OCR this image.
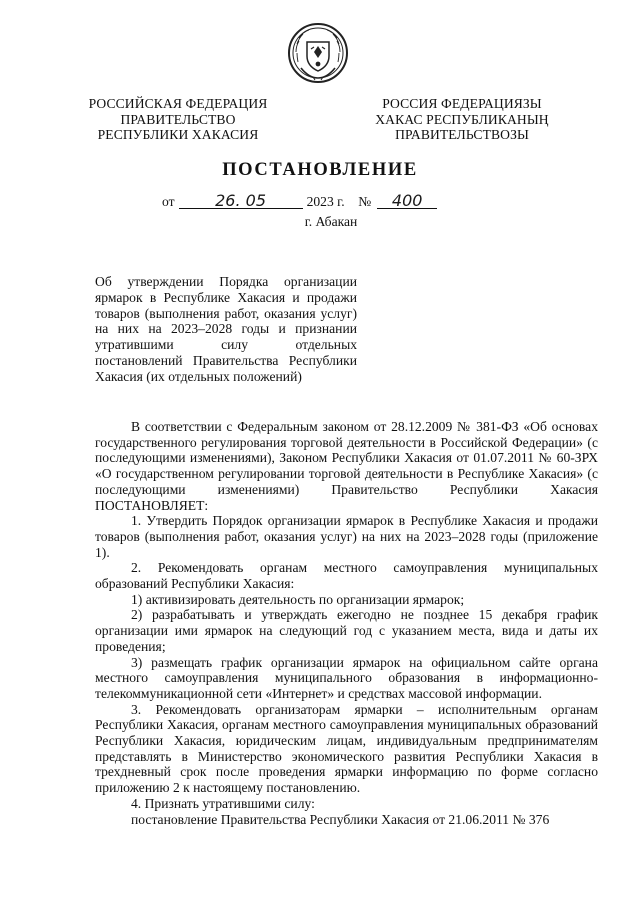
РОССИЙСКАЯ ФЕДЕРАЦИЯ
ПРАВИТЕЛЬСТВО
РЕСПУБЛИКИ ХАКАСИЯ
РОССИЯ ФЕДЕРАЦИЯЗЫ
ХАКАС РЕСПУБЛИКАНЫҢ
ПРАВИТЕЛЬСТВОЗЫ
ПОСТАНОВЛЕНИЕ
от	26. 05	2023 г. № 400
г. Абакан
Об утверждении Порядка организации ярмарок в Республике Хакасия и продажи товаров (выполнения работ, оказания услуг) на них на 2023–2028 годы и признании утратившими силу отдельных постановлений Правительства Республики Хакасия (их отдельных положений)

В соответствии с Федеральным законом от 28.12.2009 № 381-ФЗ «Об основах государственного регулирования торговой деятельности в Российской Федерации» (с последующими изменениями), Законом Республики Хакасия от 01.07.2011 № 60-ЗРХ «О государственном регулировании торговой деятельности в Республике Хакасия» (с последующими изменениями) Правительство Республики Хакасия ПОСТАНОВЛЯЕТ:

1. Утвердить Порядок организации ярмарок в Республике Хакасия и продажи товаров (выполнения работ, оказания услуг) на них на 2023–2028 годы (приложение 1).

2. Рекомендовать органам местного самоуправления муниципальных образований Республики Хакасия:

1) активизировать деятельность по организации ярмарок;

2) разрабатывать и утверждать ежегодно не позднее 15 декабря график организации ими ярмарок на следующий год с указанием места, вида и даты их проведения;

3) размещать график организации ярмарок на официальном сайте органа местного самоуправления муниципального образования в информационно-телекоммуникационной сети «Интернет» и средствах массовой информации.

3. Рекомендовать организаторам ярмарки – исполнительным органам Республики Хакасия, органам местного самоуправления муниципальных образований Республики Хакасия, юридическим лицам, индивидуальным предпринимателям представлять в Министерство экономического развития Республики Хакасия в трехдневный срок после проведения ярмарки информацию по форме согласно приложению 2 к настоящему постановлению.

4. Признать утратившими силу:

постановление Правительства Республики Хакасия от 21.06.2011 № 376
